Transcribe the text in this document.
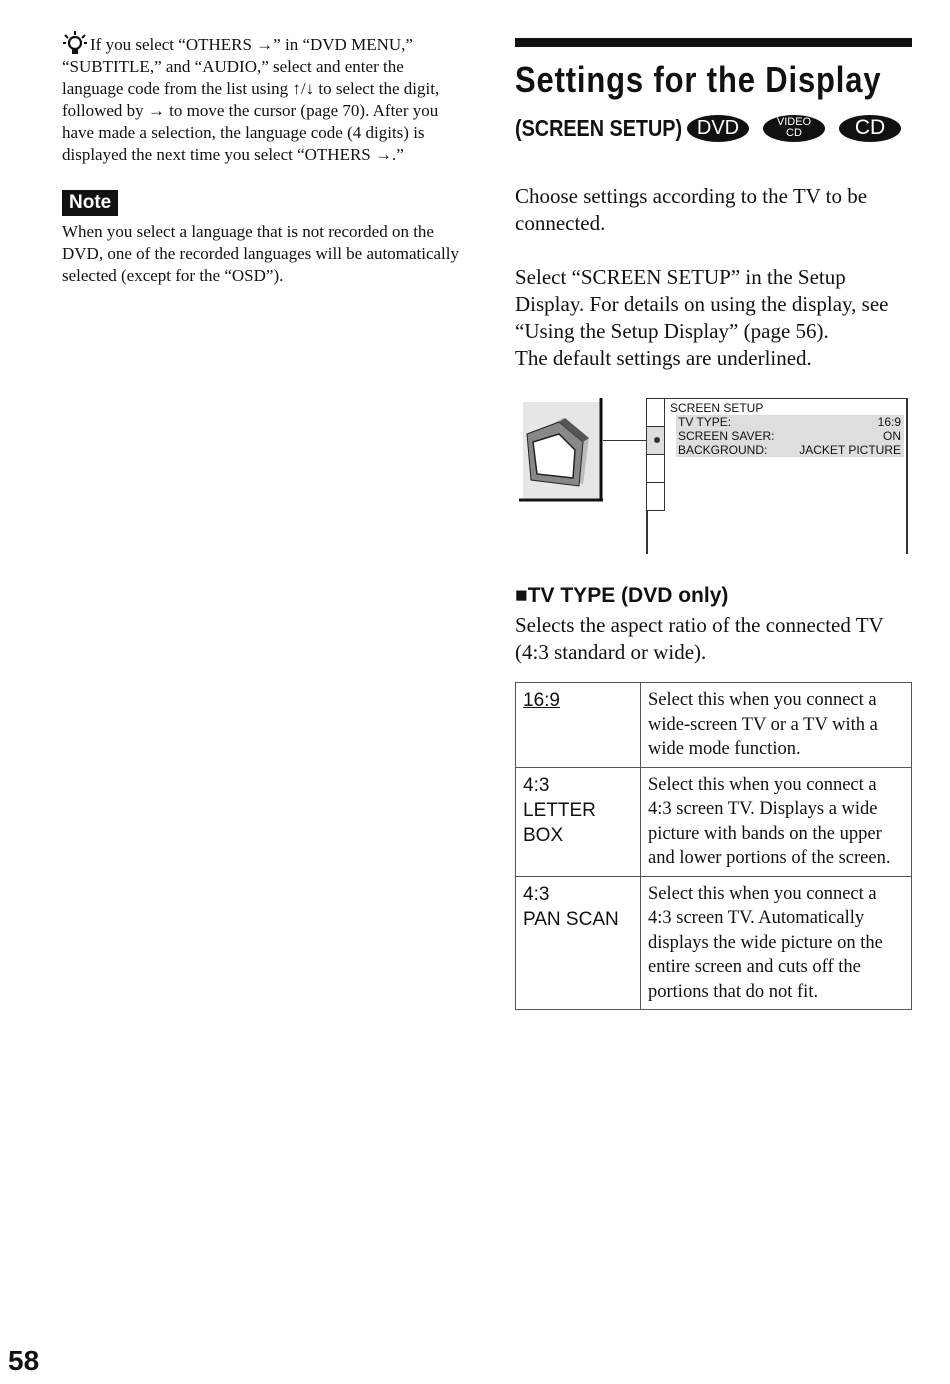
If you select “OTHERS →” in “DVD MENU,” “SUBTITLE,” and “AUDIO,” select and enter the language code from the list using ↑/↓ to select the digit, followed by → to move the cursor (page 70). After you have made a selection, the language code (4 digits) is displayed the next time you select “OTHERS →.”
Note
When you select a language that is not recorded on the DVD, one of the recorded languages will be automatically selected (except for the “OSD”).
Settings for the Display
(SCREEN SETUP) DVD	VIDEO
CD	CD
Choose settings according to the TV to be connected.
Select “SCREEN SETUP” in the Setup Display. For details on using the display, see “Using the Setup Display” (page 56).
The default settings are underlined.
SCREEN SETUP
TV TYPE:	16:9
SCREEN SAVER:	ON
BACKGROUND:	JACKET PICTURE
■TV TYPE (DVD only)
Selects the aspect ratio of the connected TV (4:3 standard or wide).
16:9	Select this when you connect a wide-screen TV or a TV with a wide mode function.

4:3
LETTER
BOX	Select this when you connect a 4:3 screen TV. Displays a wide picture with bands on the upper and lower portions of the screen.

4:3
PAN SCAN	Select this when you connect a 4:3 screen TV. Automatically displays the wide picture on the entire screen and cuts off the portions that do not fit.
58
